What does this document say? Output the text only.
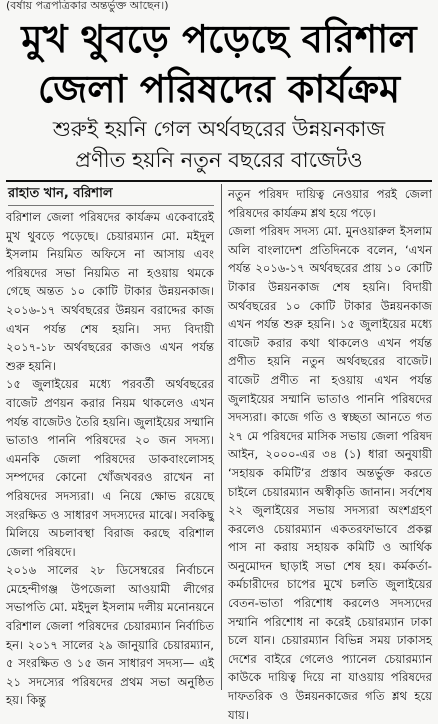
(বর্ষায় পত্রপত্রিকার অন্তর্ভুক্ত আছেন।)
মুখ থুবড়ে পড়েছে বরিশাল
জেলা পরিষদের কার্যক্রম
শুরুই হয়নি গেল অর্থবছরের উন্নয়নকাজ
প্রণীত হয়নি নতুন বছরের বাজেটও
রাহাত খান, বরিশাল

বরিশাল জেলা পরিষদের কার্যক্রম একেবারেই মুখ থুবড়ে পড়েছে। চেয়ারম্যান মো. মইদুল ইসলাম নিয়মিত অফিসে না আসায় এবং পরিষদের সভা নিয়মিত না হওয়ায় থমকে গেছে অন্তত ১০ কোটি টাকার উন্নয়নকাজ। ২০১৬-১৭ অর্থবছরের উন্নয়ন বরাদ্দের কাজ এখন পর্যন্ত শেষ হয়নি। সদ্য বিদায়ী ২০১৭-১৮ অর্থবছরের কাজও এখন পর্যন্ত শুরু হয়নি।

১৫ জুলাইয়ের মধ্যে পরবর্তী অর্থবছরের বাজেট প্রণয়ন করার নিয়ম থাকলেও এখন পর্যন্ত বাজেটও তৈরি হয়নি। জুলাইয়ের সম্মানি ভাতাও পাননি পরিষদের ২০ জন সদস্য। এমনকি জেলা পরিষদের ডাকবাংলোসহ সম্পদের কোনো খোঁজখবরও রাখেন না পরিষদের সদস্যরা। এ নিয়ে ক্ষোভ রয়েছে সংরক্ষিত ও সাধারণ সদস্যদের মাঝে। সবকিছু মিলিয়ে অচলাবস্থা বিরাজ করছে বরিশাল জেলা পরিষদে।

২০১৬ সালের ২৮ ডিসেম্বরের নির্বাচনে মেহেন্দীগঞ্জ উপজেলা আওয়ামী লীগের সভাপতি মো. মইদুল ইসলাম দলীয় মনোনয়নে বরিশাল জেলা পরিষদের চেয়ারম্যান নির্বাচিত হন। ২০১৭ সালের ২৯ জানুয়ারি চেয়ারম্যান, ৫ সংরক্ষিত ও ১৫ জন সাধারণ সদস্য— এই ২১ সদস্যের পরিষদের প্রথম সভা অনুষ্ঠিত হয়। কিন্তু

নতুন পরিষদ দায়িত্ব নেওয়ার পরই জেলা পরিষদের কার্যক্রম শ্লথ হয়ে পড়ে।

জেলা পরিষদ সদস্য মো. মুনওয়ারুল ইসলাম অলি বাংলাদেশ প্রতিদিনকে বলেন, ‘এখন পর্যন্ত ২০১৬-১৭ অর্থবছরের প্রায় ১০ কোটি টাকার উন্নয়নকাজ শেষ হয়নি। বিদায়ী অর্থবছরের ১০ কোটি টাকার উন্নয়নকাজ এখন পর্যন্ত শুরু হয়নি। ১৫ জুলাইয়ের মধ্যে বাজেট করার কথা থাকলেও এখন পর্যন্ত প্রণীত হয়নি নতুন অর্থবছরের বাজেট। বাজেট প্রণীত না হওয়ায় এখন পর্যন্ত জুলাইয়ের সম্মানি ভাতাও পাননি পরিষদের সদস্যরা। কাজে গতি ও স্বচ্ছতা আনতে গত ২৭ মে পরিষদের মাসিক সভায় জেলা পরিষদ আইন, ২০০০-এর ৩৪ (১) ধারা অনুযায়ী ‘সহায়ক কমিটি’র প্রস্তাব অন্তর্ভুক্ত করতে চাইলে চেয়ারম্যান অস্বীকৃতি জানান। সর্বশেষ ২২ জুলাইয়ের সভায় সদস্যরা অংশগ্রহণ করলেও চেয়ারম্যান একতরফাভাবে প্রকল্প পাস না করায় সহায়ক কমিটি ও আর্থিক অনুমোদন ছাড়াই সভা শেষ হয়। কর্মকর্তা-কর্মচারীদের চাপের মুখে চলতি জুলাইয়ের বেতন-ভাতা পরিশোধ করলেও সদস্যদের সম্মানি পরিশোধ না করেই চেয়ারম্যান ঢাকা চলে যান। চেয়ারম্যান বিভিন্ন সময় ঢাকাসহ দেশের বাইরে গেলেও প্যানেল চেয়ারম্যান কাউকে দায়িত্ব দিয়ে না যাওয়ায় পরিষদের দাফতরিক ও উন্নয়নকাজের গতি শ্লথ হয়ে যায়।
